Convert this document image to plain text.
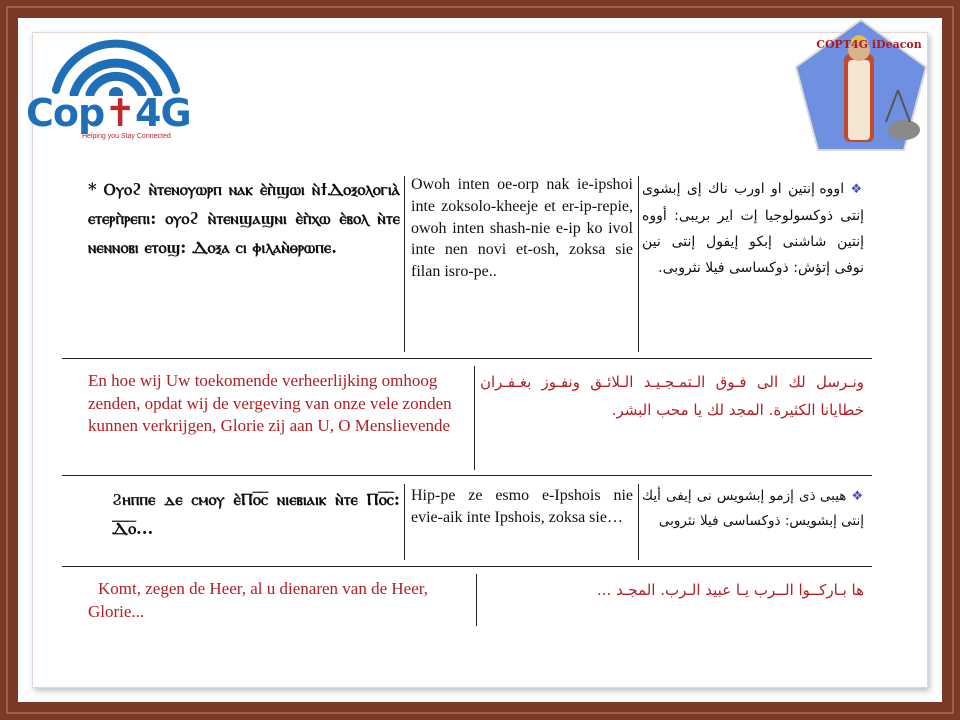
Cop✝4G
Helping you Stay Connected
COPT4G iDeacon
* Ⲟⲩⲟϩ ⲛ̀ⲧⲉⲛⲟⲩⲱⲣⲡ ⲛⲁⲕ ⲉ̀ⲡ̀ϣⲱⲓ ⲛ̀ϯⲆⲟⲝⲟⲗⲟⲅⲓⲁ̀ ⲉⲧⲉⲣⲡ̀ⲣⲉⲡⲓ: ⲟⲩⲟϩ ⲛ̀ⲧⲉⲛϣⲁϣⲛⲓ ⲉ̀ⲡ̀ⲭⲱ ⲉ̀ⲃⲟⲗ ⲛ̀ⲧⲉ ⲛⲉⲛⲛⲟⲃⲓ ⲉⲧⲟϣ: Ⲇⲟⲝⲁ ⲥⲓ ⲫⲓⲗⲁⲛ̀ⲑⲣⲱⲡⲉ.
Owoh inten oe-orp nak ie-ipshoi inte zoksolo-kheeje et er-ip-repie, owoh inten shash-nie e-ip ko ivol inte nen novi et-osh, zoksa sie filan isro-pe..
❖ اووه إنتين او اورب ناك إى إبشوى إنتى ذوكسولوجيا إت اير بريبى: أووه إنتين شاشنى إبكو إيفول إنتى نين نوفى إتؤش: ذوكساسى فيلا نثروبى.
En hoe wij Uw toekomende verheerlijking omhoog zenden, opdat wij de vergeving van onze vele zonden kunnen verkrijgen, Glorie zij aan U, O Menslievende
ونـرسل لك الى فـوق الـتمـجـيـد الـلائـق ونفـوز بغـفـران خطايانا الكثيرة. المجد لك يا محب البشر.
Ϩⲏⲡⲡⲉ ⲇⲉ ⲥⲙⲟⲩ ⲉ̀Ⲡⲟ̅ⲥ̅ ⲛⲓⲉⲃⲓⲁⲓⲕ ⲛ̀ⲧⲉ Ⲡⲟ̅ⲥ̅: Ⲇ̅ⲟ̅...
Hip-pe ze esmo e-Ipshois nie evie-aik inte Ipshois, zoksa sie…
❖ هيبى ذى إزمو إبشويس نى إيفى أيك إنتى إبشويس: ذوكساسى فيلا نثروبى
Komt, zegen de Heer, al u dienaren van de Heer, Glorie...
ها بـاركــوا الــرب يـا عبيد الـرب. المجـد ...
